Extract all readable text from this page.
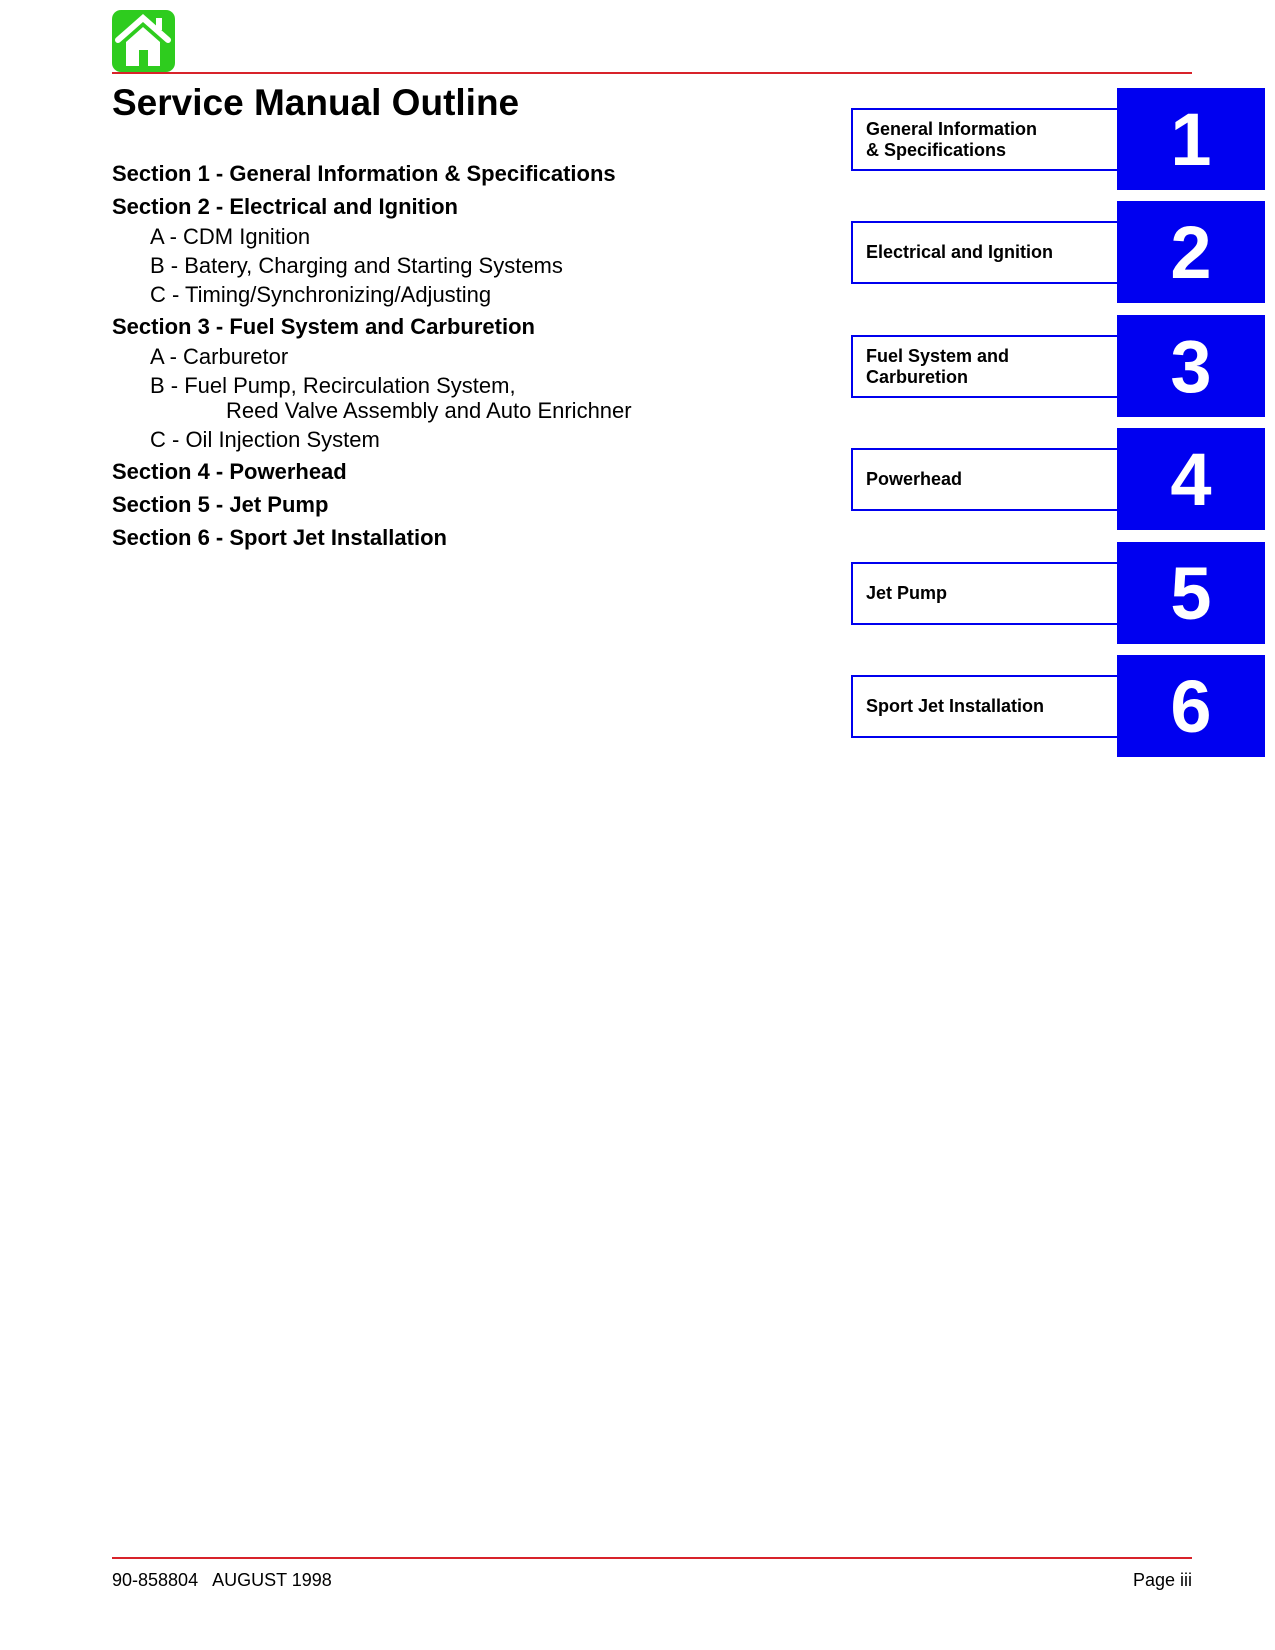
Service Manual Outline
Section 1 - General Information & Specifications
Section 2 - Electrical and Ignition
A - CDM Ignition
B - Batery, Charging and Starting Systems
C - Timing/Synchronizing/Adjusting
Section 3 - Fuel System and Carburetion
A - Carburetor
B - Fuel Pump, Recirculation System,
Reed Valve Assembly and Auto Enrichner
C - Oil Injection System
Section 4 - Powerhead
Section 5 - Jet Pump
Section 6 - Sport Jet Installation
General Information
& Specifications	1
Electrical and Ignition	2
Fuel System and
Carburetion	3
Powerhead	4
Jet Pump	5
Sport Jet Installation	6
90-858804   AUGUST 1998	Page iii
